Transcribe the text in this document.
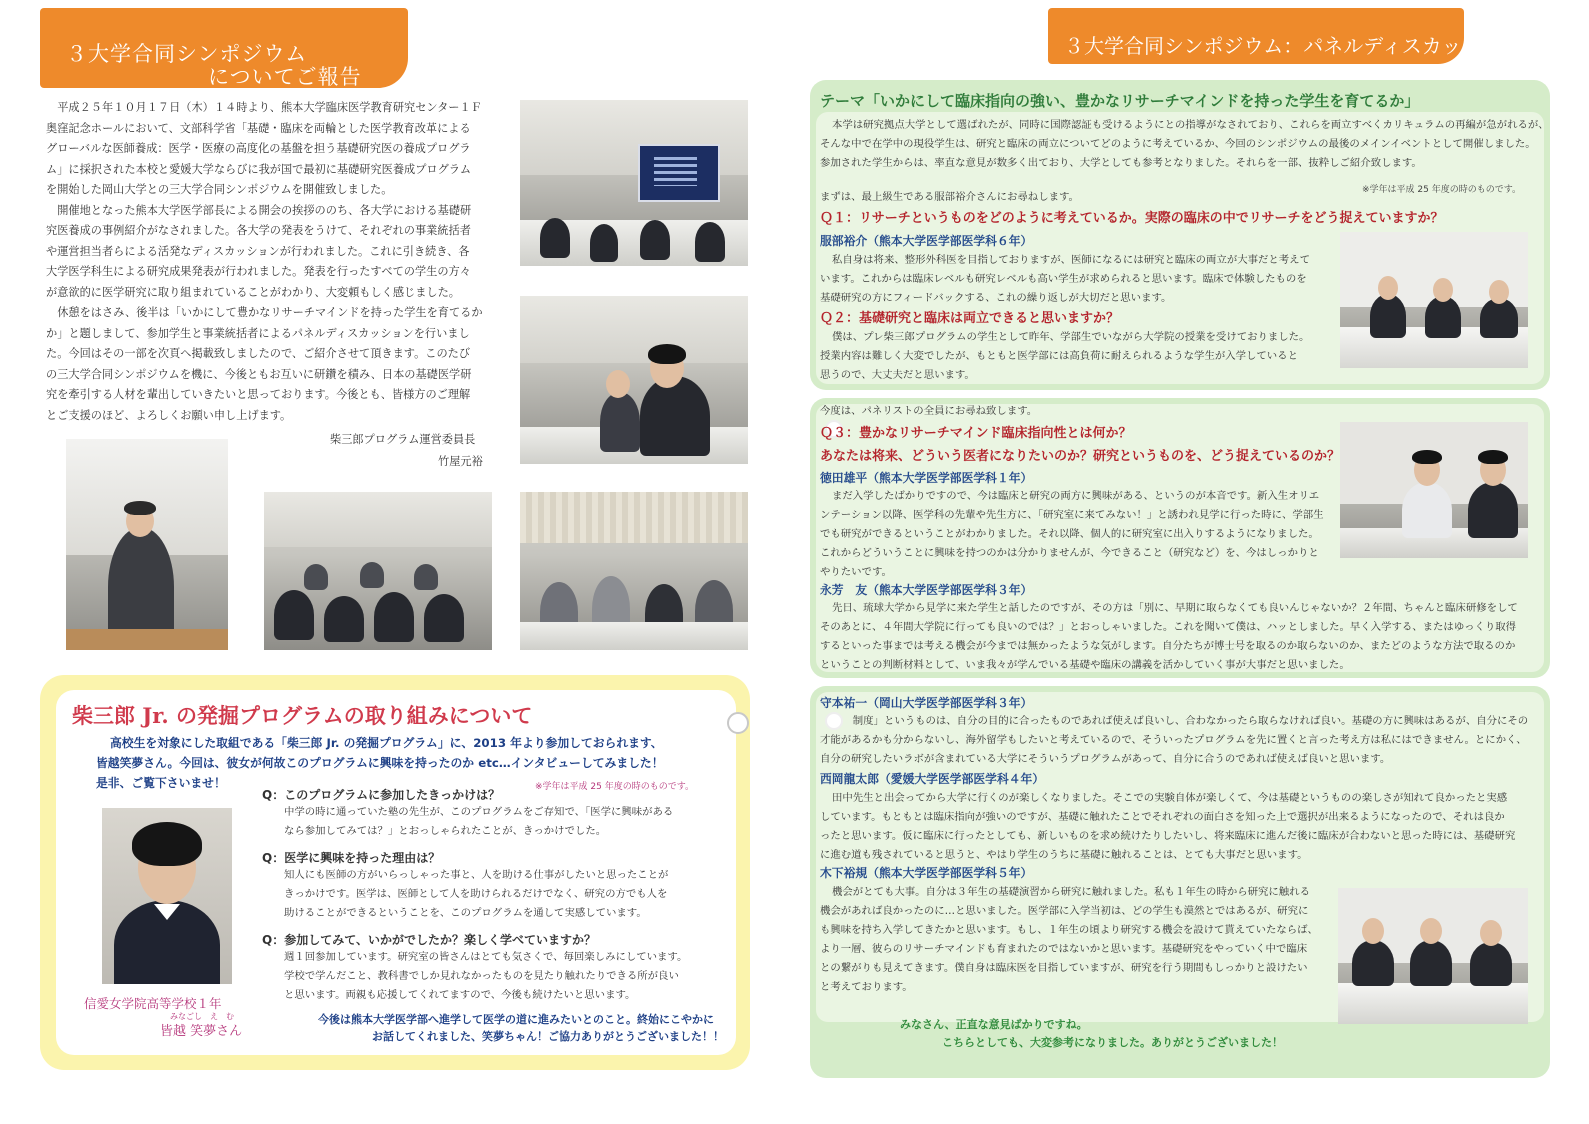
３大学合同シンポジウム
についてご報告
　平成２５年１０月１７日（木）１４時より、熊本大学臨床医学教育研究センター１Ｆ
奥窪記念ホールにおいて、文部科学省「基礎・臨床を両輪とした医学教育改革による
グローバルな医師養成：医学・医療の高度化の基盤を担う基礎研究医の養成プログラ
ム」に採択された本校と愛媛大学ならびに我が国で最初に基礎研究医養成プログラム
を開始した岡山大学との三大学合同シンポジウムを開催致しました。
　開催地となった熊本大学医学部長による開会の挨拶ののち、各大学における基礎研
究医養成の事例紹介がなされました。各大学の発表をうけて、それぞれの事業統括者
や運営担当者らによる活発なディスカッションが行われました。これに引き続き、各
大学医学科生による研究成果発表が行われました。発表を行ったすべての学生の方々
が意欲的に医学研究に取り組まれていることがわかり、大変頼もしく感じました。
　休憩をはさみ、後半は「いかにして豊かなリサーチマインドを持った学生を育てるか
か」と題しまして、参加学生と事業統括者によるパネルディスカッションを行いまし
た。今回はその一部を次頁へ掲載致しましたので、ご紹介させて頂きます。このたび
の三大学合同シンポジウムを機に、今後ともお互いに研鑽を積み、日本の基礎医学研
究を牽引する人材を輩出していきたいと思っております。今後とも、皆様方のご理解
とご支援のほど、よろしくお願い申し上げます。
柴三郎プログラム運営委員長
竹屋元裕
柴三郎 Jr. の発掘プログラムの取り組みについて
高校生を対象にした取組である「柴三郎 Jr. の発掘プログラム」に、2013 年より参加しておられます、
皆越笑夢さん。今回は、彼女が何故このプログラムに興味を持ったのか etc…インタビューしてみました！
是非、ご覧下さいませ！	※学年は平成 25 年度の時のものです。
Q：このプログラムに参加したきっかけは？
中学の時に通っていた塾の先生が、このプログラムをご存知で、「医学に興味がある
なら参加してみては？」とおっしゃられたことが、きっかけでした。
Q：医学に興味を持った理由は？
知人にも医師の方がいらっしゃった事と、人を助ける仕事がしたいと思ったことが
きっかけです。医学は、医師として人を助けられるだけでなく、研究の方でも人を
助けることができるということを、このプログラムを通して実感しています。
Q：参加してみて、いかがでしたか？楽しく学べていますか？
週１回参加しています。研究室の皆さんはとても気さくで、毎回楽しみにしています。
学校で学んだこと、教科書でしか見れなかったものを見たり触れたりできる所が良い
と思います。両親も応援してくれてますので、今後も続けたいと思います。
信愛女学院高等学校１年
みなごし　え　む
皆越 笑夢さん
今後は熊本大学医学部へ進学して医学の道に進みたいとのこと。終始にこやかに
お話してくれました、笑夢ちゃん！ご協力ありがとうございました！！
３大学合同シンポジウム：パネルディスカッション
テーマ「いかにして臨床指向の強い、豊かなリサーチマインドを持った学生を育てるか」
本学は研究拠点大学として選ばれたが、同時に国際認証も受けるようにとの指導がなされており、これらを両立すべくカリキュラムの再編が急がれるが、
そんな中で在学中の現役学生は、研究と臨床の両立についてどのように考えているか、今回のシンポジウムの最後のメインイベントとして開催しました。
参加された学生からは、率直な意見が数多く出ており、大学としても参考となりました。それらを一部、抜粋しご紹介致します。
※学年は平成 25 年度の時のものです。
まずは、最上級生である服部裕介さんにお尋ねします。
Ｑ１：リサーチというものをどのように考えているか。実際の臨床の中でリサーチをどう捉えていますか？
服部裕介（熊本大学医学部医学科６年）
私自身は将来、整形外科医を目指しておりますが、医師になるには研究と臨床の両立が大事だと考えて
います。これからは臨床レベルも研究レベルも高い学生が求められると思います。臨床で体験したものを
基礎研究の方にフィードバックする、これの繰り返しが大切だと思います。
Ｑ２：基礎研究と臨床は両立できると思いますか？
僕は、プレ柴三郎プログラムの学生として昨年、学部生でいながら大学院の授業を受けておりました。
授業内容は難しく大変でしたが、もともと医学部には高負荷に耐えられるような学生が入学していると
思うので、大丈夫だと思います。
今度は、パネリストの全員にお尋ね致します。
Ｑ３：豊かなリサーチマインド臨床指向性とは何か？
あなたは将来、どういう医者になりたいのか？研究というものを、どう捉えているのか？
徳田雄平（熊本大学医学部医学科１年）
まだ入学したばかりですので、今は臨床と研究の両方に興味がある、というのが本音です。新入生オリエ
ンテーション以降、医学科の先輩や先生方に、「研究室に来てみない！」と誘われ見学に行った時に、学部生
でも研究ができるということがわかりました。それ以降、個人的に研究室に出入りするようになりました。
これからどういうことに興味を持つのかは分かりませんが、今できること（研究など）を、今はしっかりと
やりたいです。
永芳　友（熊本大学医学部医学科３年）
先日、琉球大学から見学に来た学生と話したのですが、その方は「別に、早期に取らなくても良いんじゃないか？２年間、ちゃんと臨床研修をして
そのあとに、４年間大学院に行っても良いのでは？」とおっしゃいました。これを聞いて僕は、ハッとしました。早く入学する、またはゆっくり取得
するといった事までは考える機会が今までは無かったような気がします。自分たちが博士号を取るのか取らないのか、またどのような方法で取るのか
ということの判断材料として、いま我々が学んでいる基礎や臨床の講義を活かしていく事が大事だと思いました。
守本祐一（岡山大学医学部医学科３年）
　　制度」というものは、自分の目的に合ったものであれば使えば良いし、合わなかったら取らなければ良い。基礎の方に興味はあるが、自分にその
才能があるかも分からないし、海外留学もしたいと考えているので、そういったプログラムを先に置くと言った考え方は私にはできません。とにかく、
自分の研究したいラボが含まれている大学にそういうプログラムがあって、自分に合うのであれば使えば良いと思います。
西岡龍太郎（愛媛大学医学部医学科４年）
田中先生と出会ってから大学に行くのが楽しくなりました。そこでの実験自体が楽しくて、今は基礎というものの楽しさが知れて良かったと実感
しています。もともとは臨床指向が強いのですが、基礎に触れたことでそれぞれの面白さを知った上で選択が出来るようになったので、それは良か
ったと思います。仮に臨床に行ったとしても、新しいものを求め続けたりしたいし、将来臨床に進んだ後に臨床が合わないと思った時には、基礎研究
に進む道も残されていると思うと、やはり学生のうちに基礎に触れることは、とても大事だと思います。
木下裕規（熊本大学医学部医学科５年）
機会がとても大事。自分は３年生の基礎演習から研究に触れました。私も１年生の時から研究に触れる
機会があれば良かったのに…と思いました。医学部に入学当初は、どの学生も漠然とではあるが、研究に
も興味を持ち入学してきたかと思います。もし、１年生の頃より研究する機会を設けて貰えていたならば、
より一層、彼らのリサーチマインドも育まれたのではないかと思います。基礎研究をやっていく中で臨床
との繋がりも見えてきます。僕自身は臨床医を目指していますが、研究を行う期間もしっかりと設けたい
と考えております。
みなさん、正直な意見ばかりですね。
こちらとしても、大変参考になりました。ありがとうございました！
